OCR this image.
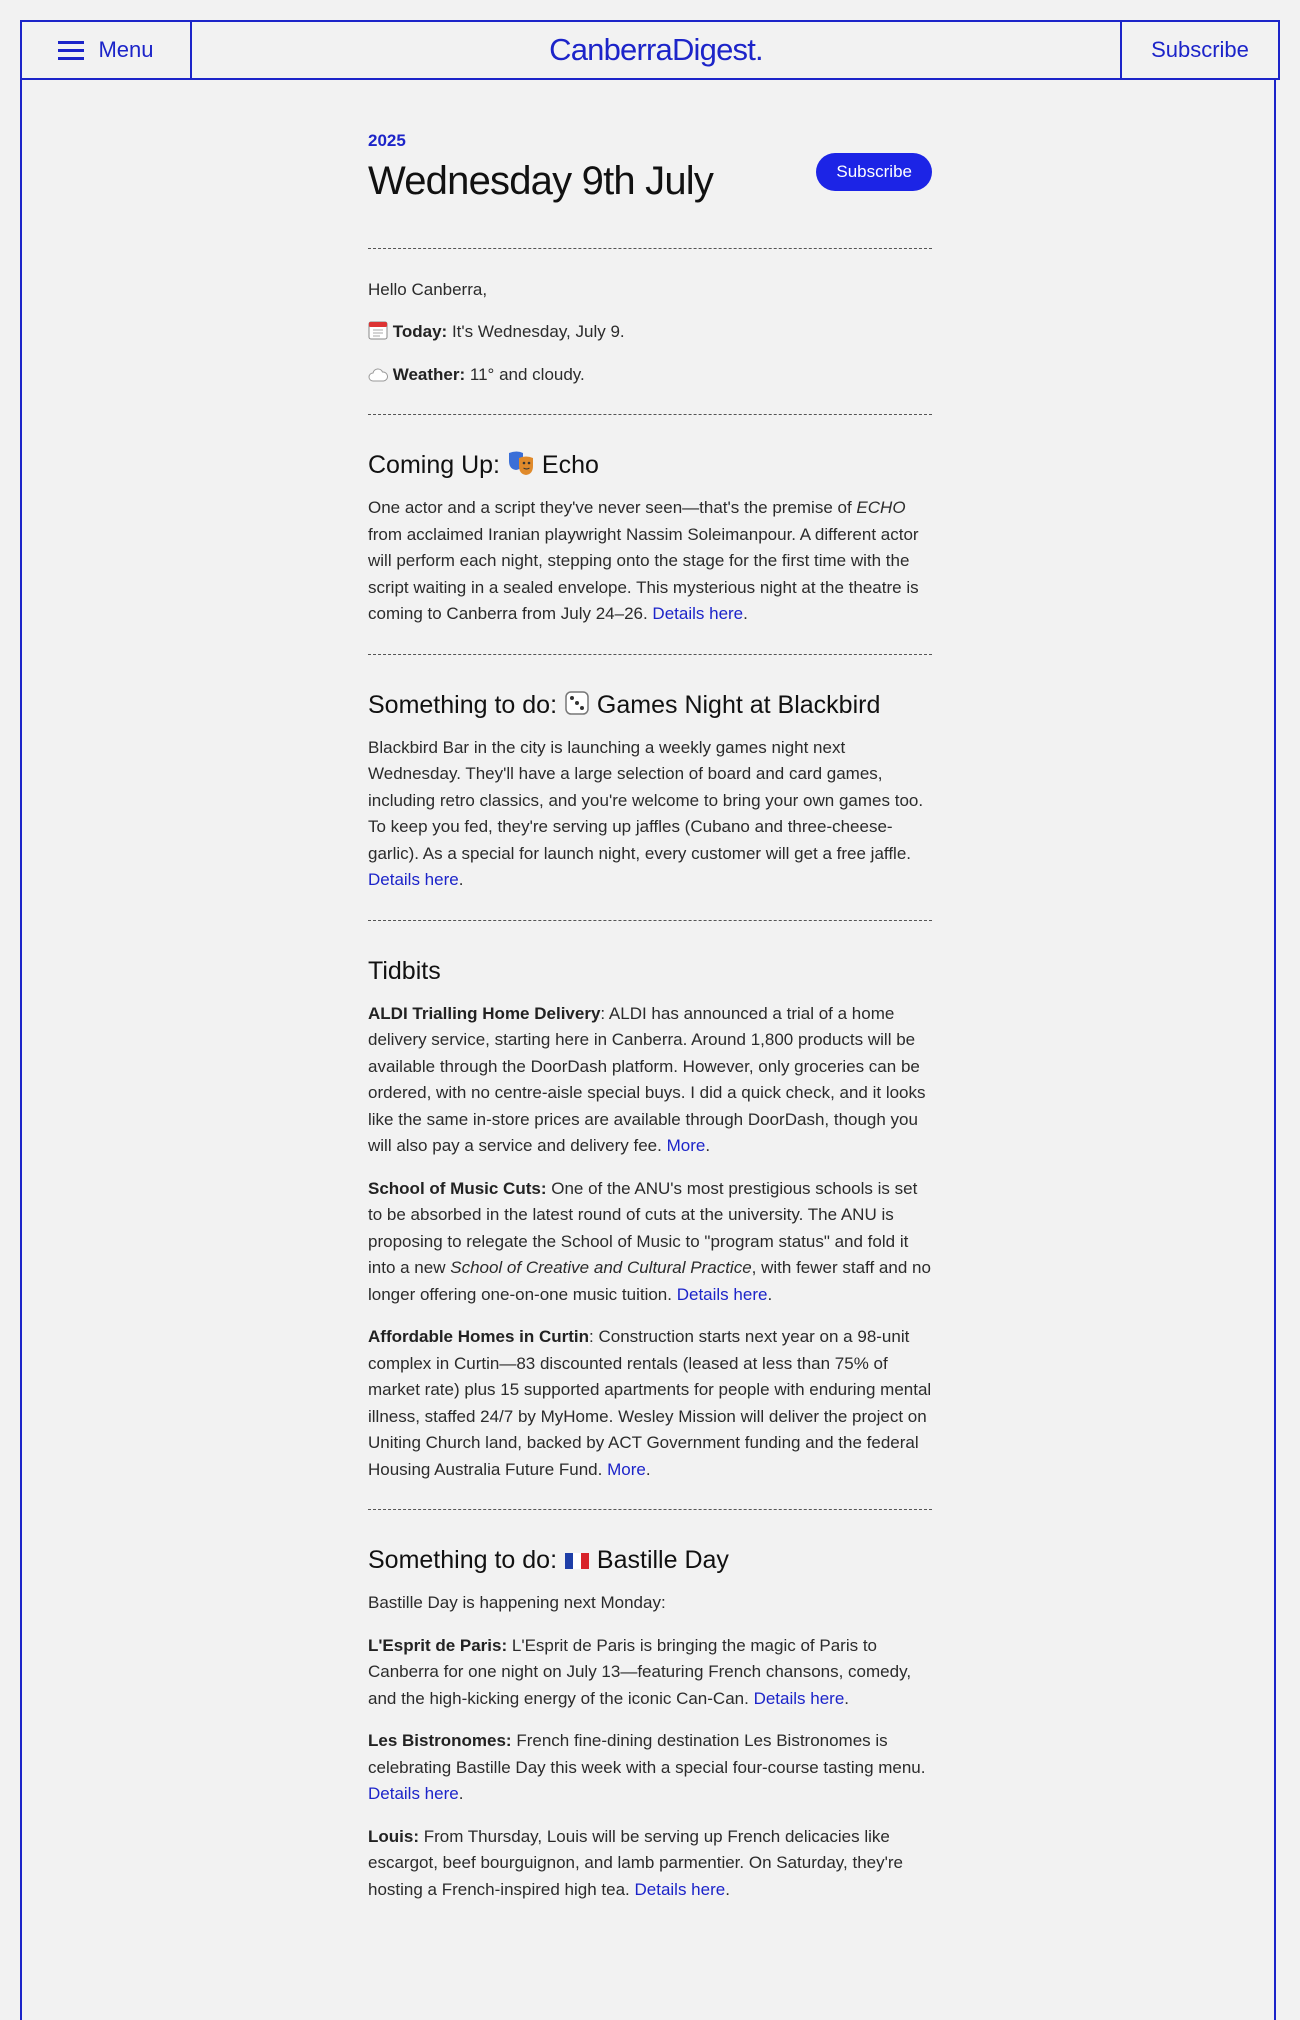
Menu	CanberraDigest.	Subscribe

2025

Wednesday 9th July	Subscribe

Hello Canberra,

Today: It's Wednesday, July 9.

Weather: 11° and cloudy.

Coming Up: Echo

One actor and a script they've never seen—that's the premise of ECHO from acclaimed Iranian playwright Nassim Soleimanpour. A different actor will perform each night, stepping onto the stage for the first time with the script waiting in a sealed envelope. This mysterious night at the theatre is coming to Canberra from July 24–26. Details here.

Something to do: Games Night at Blackbird

Blackbird Bar in the city is launching a weekly games night next Wednesday. They'll have a large selection of board and card games, including retro classics, and you're welcome to bring your own games too. To keep you fed, they're serving up jaffles (Cubano and three-cheese-garlic). As a special for launch night, every customer will get a free jaffle. Details here.

Tidbits

ALDI Trialling Home Delivery: ALDI has announced a trial of a home delivery service, starting here in Canberra. Around 1,800 products will be available through the DoorDash platform. However, only groceries can be ordered, with no centre-aisle special buys. I did a quick check, and it looks like the same in-store prices are available through DoorDash, though you will also pay a service and delivery fee. More.

School of Music Cuts: One of the ANU's most prestigious schools is set to be absorbed in the latest round of cuts at the university. The ANU is proposing to relegate the School of Music to "program status" and fold it into a new School of Creative and Cultural Practice, with fewer staff and no longer offering one-on-one music tuition. Details here.

Affordable Homes in Curtin: Construction starts next year on a 98-unit complex in Curtin—83 discounted rentals (leased at less than 75% of market rate) plus 15 supported apartments for people with enduring mental illness, staffed 24/7 by MyHome. Wesley Mission will deliver the project on Uniting Church land, backed by ACT Government funding and the federal Housing Australia Future Fund. More.

Something to do: Bastille Day

Bastille Day is happening next Monday:

L'Esprit de Paris: L'Esprit de Paris is bringing the magic of Paris to Canberra for one night on July 13—featuring French chansons, comedy, and the high-kicking energy of the iconic Can-Can. Details here.

Les Bistronomes: French fine-dining destination Les Bistronomes is celebrating Bastille Day this week with a special four-course tasting menu. Details here.

Louis: From Thursday, Louis will be serving up French delicacies like escargot, beef bourguignon, and lamb parmentier. On Saturday, they're hosting a French-inspired high tea. Details here.
